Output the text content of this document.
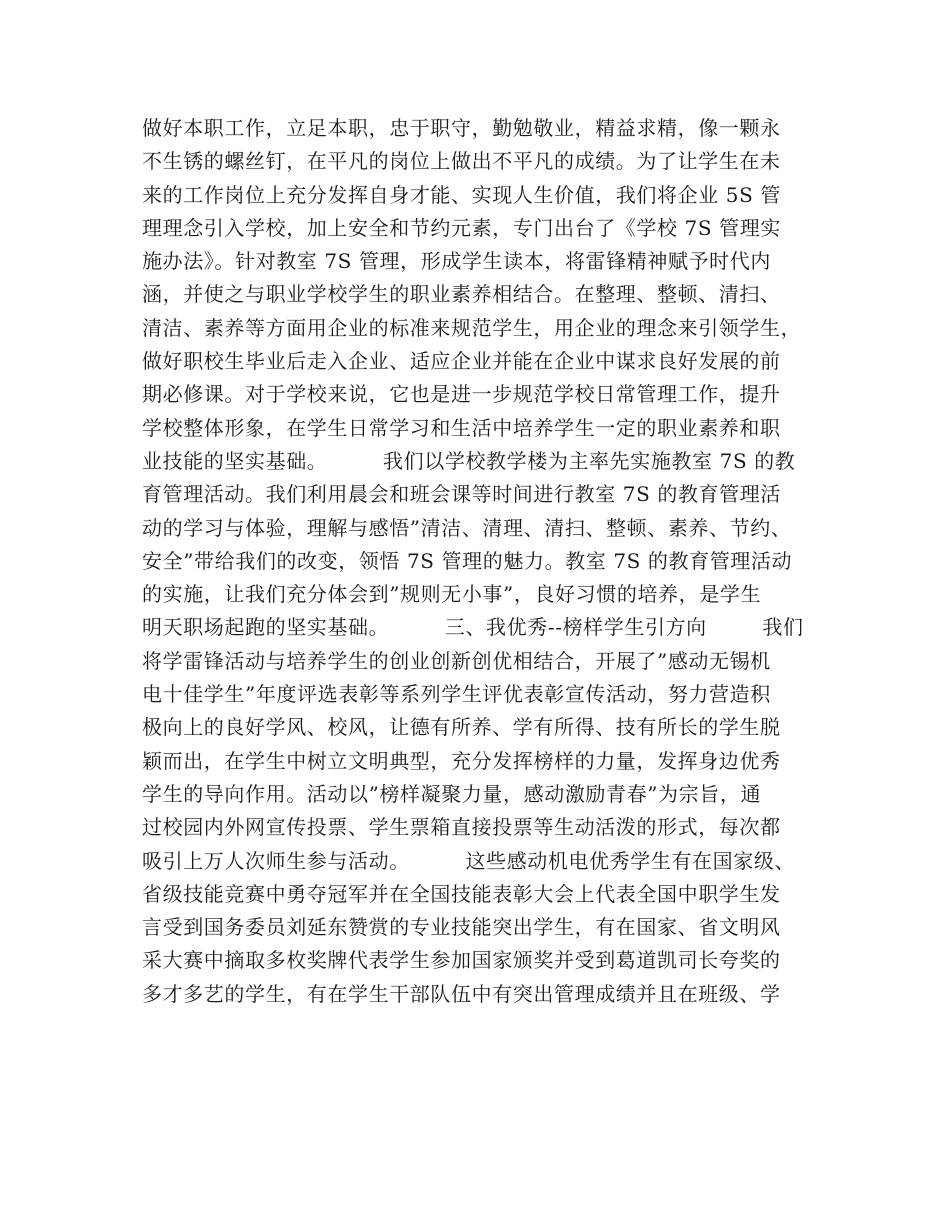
做好本职工作，立足本职，忠于职守，勤勉敬业，精益求精，像一颗永
不生锈的螺丝钉，在平凡的岗位上做出不平凡的成绩。为了让学生在未
来的工作岗位上充分发挥自身才能、实现人生价值，我们将企业 5S 管
理理念引入学校，加上安全和节约元素，专门出台了《学校 7S 管理实
施办法》。针对教室 7S 管理，形成学生读本，将雷锋精神赋予时代内
涵，并使之与职业学校学生的职业素养相结合。在整理、整顿、清扫、
清洁、素养等方面用企业的标准来规范学生，用企业的理念来引领学生，
做好职校生毕业后走入企业、适应企业并能在企业中谋求良好发展的前
期必修课。对于学校来说，它也是进一步规范学校日常管理工作，提升
学校整体形象，在学生日常学习和生活中培养学生一定的职业素养和职
业技能的坚实基础。        我们以学校教学楼为主率先实施教室 7S 的教
育管理活动。我们利用晨会和班会课等时间进行教室 7S 的教育管理活
动的学习与体验，理解与感悟”清洁、清理、清扫、整顿、素养、节约、
安全”带给我们的改变，领悟 7S 管理的魅力。教室 7S 的教育管理活动
的实施，让我们充分体会到”规则无小事”，良好习惯的培养，是学生
明天职场起跑的坚实基础。        三、我优秀--榜样学生引方向        我们
将学雷锋活动与培养学生的创业创新创优相结合，开展了”感动无锡机
电十佳学生”年度评选表彰等系列学生评优表彰宣传活动，努力营造积
极向上的良好学风、校风，让德有所养、学有所得、技有所长的学生脱
颖而出，在学生中树立文明典型，充分发挥榜样的力量，发挥身边优秀
学生的导向作用。活动以”榜样凝聚力量，感动激励青春”为宗旨，通
过校园内外网宣传投票、学生票箱直接投票等生动活泼的形式，每次都
吸引上万人次师生参与活动。        这些感动机电优秀学生有在国家级、
省级技能竞赛中勇夺冠军并在全国技能表彰大会上代表全国中职学生发
言受到国务委员刘延东赞赏的专业技能突出学生，有在国家、省文明风
采大赛中摘取多枚奖牌代表学生参加国家颁奖并受到葛道凯司长夸奖的
多才多艺的学生，有在学生干部队伍中有突出管理成绩并且在班级、学
